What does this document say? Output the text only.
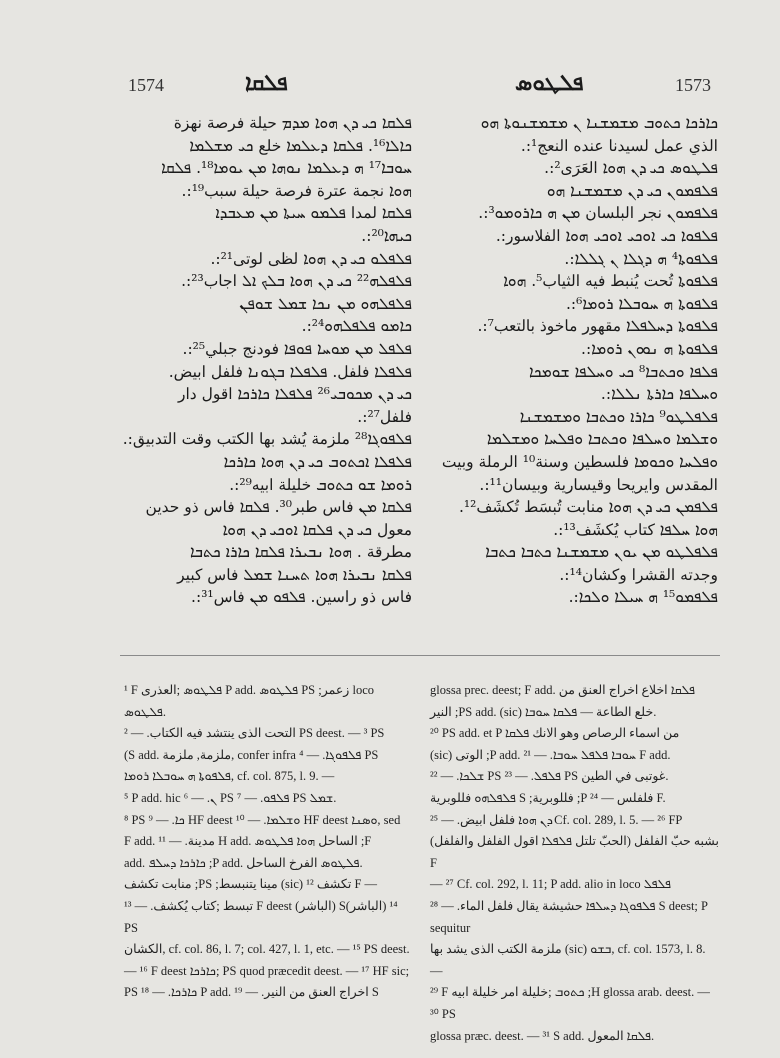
1574	ܦܠܩܐ	ܦܠܛܘܣ	1573

ܦܠܩܐ ܟܝ ܕܢ ܗܘܐ ܡܕܡ حيلة فرصة نهزة

ܟܐܠܐ¹⁶. ܦܠܩܐ ܕܥܠܡܐ خلع ܟܝ ܡܫܠܡܐ

ܚܘܒܐ¹⁷ ܗ ܕܥܠܡܐ ܢܘܗܐ ܡܢ ܝܘܡܐ¹⁸. ܦܠܩܐ

ܗܘܐ نجمة عترة فرصة حيلة سبب¹⁹:.

ܦܠܩܐ لمدا ܦܠܡܘ ܚܝܬܐ ܡܢ ܡܥܒܕܐ

ܟܝܗܐ²⁰:.

ܦܠܦܠܘ ܟܝ ܕܢ ܗܘܐ لظى لوتى²¹:.

ܦܠܦܠܗ²² ܟܝ ܕܢ ܗܘܐ ܒܠܟ ܐܠ اجاب²³:.

ܦܠܦܠܗܘ ܡܢ ܢܟܐ ܫܡܠ ܫܘܦܢ

ܟܐܡܘ ܦܠܦܠܗܘ²⁴:.

ܦܠܦܠ ܡܢ ܡܘܚܐ ܦܘܦܐ فودنج جبلي²⁵:.

ܦܠܦܠܐ فلفل. ܦܠܦܠܐ ܒܓܘܢܐ فلفل ابيض.

ܟܝ ܕܢ ܡܟܘܒܝ²⁶ ܦܠܦܠܐ ܟܐܪܟܐ اقول دار

فلفل²⁷:.

ܦܠܦܘܓܐ²⁸ ملزمة يُشد بها الكتب وقت التدبيق:.

ܦܠܦܠܐ ܐܟܬܘܒ ܟܝ ܕܢ ܗܘܐ ܟܐܪܟܐ

ܪܘܡܐ ܫܘ ܟܬܘܒ خليلة ابيه²⁹:.

ܦܠܩܐ ܡܢ فاس طبر³⁰. ܦܠܩܐ فاس ذو حدين

معول ܟܝ ܕܢ ܦܠܩܐ ܐܘܟܝ ܕܢ ܗܘܐ

مطرقة . ܗܘܐ ܢܒܝܪܐ ܦܠܩܐ ܟܐܪܐ ܟܬܒܐ

ܦܠܩܐ ܢܒܝܪܐ ܗܘܐ ܬܚܢܐ ܫܡܠ فاس كبير

فاس ذو راسين. ܦܠܦܘ ܡܢ فاس³¹:.

ܟܐܪܟܐ ܟܬܘܒ ܡܫܡܫܢܐ ܢ ܡܫܡܫܢܘܬܐ ܗܘ

الذي عمل لسيدنا عنده النعج¹:.

ܦܠܛܘܣ ܟܝ ܕܢ ܗܘܐ العَرَى²:.

ܦܠܦܡܘܢ ܟܝ ܕܢ ܡܫܡܫܢܐ ܗܘ

ܦܠܦܡܘܢ نجر البلسان ܡܢ ܗ ܟܐܪܘܡܘ³:.

ܦܠܦܘܐ ܟܝ ܐܘܟܝ ܐܘܟܝ ܗܘܐ الفلاسور:.

ܦܠܦܘܬܐ⁴ ܗ ܕܓܠܐ ܢ ܓܠܠܐ:.

ܦܠܦܘܬܐ تُحت يُنبط فيه الثياب⁵. ܗܘܐ

ܦܠܦܘܬܐ ܗ ܚܘܒܠܐ ܪܘܡܐ⁶:.

ܦܠܦܘܬܐ ܕܚܠܦܠܐ مقهور ماخوذ بالتعب⁷:.

ܦܠܦܘܬܐ ܗ ܢܘܘܢ ܪܘܡܐ:.

ܦܠܦܐ ܘܟܬܒܐ⁸ ܟܝ ܘܚܠܦܐ ܫܘܡܟܐ

ܘܚܠܦܐ ܟܐܪܬܐ ܢܠܠܐ:.

ܦܠܦܠܛܘ⁹ ܟܐܪܐ ܘܟܬܒܐ ܘܡܫܡܫܢܐ

ܘܫܠܡܐ ܘܚܠܦܐ ܘܟܬܒܐ ܘܦܠܚܐ ܘܡܫܠܡܐ

ܘܦܠܚܐ ܘܟܘܡܐ فلسطين وسنة¹⁰ الرملة وبيت

المقدس وايريحا وقيسارية وبيسان¹¹:.

ܦܠܦܡܢ ܟܝ ܕܢ ܗܘܐ منابت تُبسَط تُكشَف¹².

ܗܘܐ ܚܠܦܐ كتاب يُكشَف¹³:.

ܦܠܦܠܛܘ ܡܢ ܝܘܢ ܡܫܡܫܢܐ ܟܬܒܐ ܟܬܒܐ

وجدته القشرا وكشان¹⁴:.

ܦܠܦܡܘ¹⁵ ܗ ܚܝܠܐ ܘܠܟܐ:.

¹ F ܦܠܛܘܣ ;العذرى P add. ܦܠܛܘܣ PS ;زعمر loco ܦܠܛܘܣ.

التحت الذى ينتشد فيه الكتاب. — ² PS deest. — ³ PS

(S add. ملزمة, ملزمة, confer infra ܦܠܦܘܓܐ. — ⁴ PS

ܦܠܦܘܬܐ ܗ ܚܘܒܠܐ ܪܘܡܐ, cf. col. 875, l. 9. —

⁵ P add. hic ܢ. — ⁶ PS ܦܠܦܘ. — ⁷ PS ܫܡܠ.

⁸ PS ܟܐ. — ⁹ HF deest ܘܫܠܡܐ. — ¹⁰ HF deest ܘܣܢܐ, sed

F add. مدينة. — ¹¹ H add. الساحل ܗܘܐ ܦܠܛܘܣ ;F

add. ܟܐܪܟܐ ܕܚܠܦ ;P add. ܦܠܛܘܣ الفرخ الساحل.

منابت تكشف ;PS ;مينا يتنبسط (sic) تكشف ¹² F —

تبسط ;كتاب يُكشف. — ¹³ F deest (الباشر) S(الباشر) ¹⁴ PS

الكشان, cf. col. 86, l. 7; col. 427, l. 1, etc. — ¹⁵ PS deest.

— ¹⁶ F deest ܟܐܪܟܐ; PS quod præcedit deest. — ¹⁷ HF sic;

PS ܟܐܪܟܐ. — ¹⁸ P add. اخراج العنق من النير. — ¹⁹ S

glossa prec. deest; F add. ܦܠܩܐ اخلاع اخراج العنق من

النير ;PS add. (sic) خلع الطاعة — ܦܠܩܐ ܚܘܒܐ.

²⁰ PS add. et P من اسماء الرصاص وهو الانك ܦܠܩܐ

(sic) الوتى ;P add. ܚܘܒܐ ܦܠܦܠ ܚܘܒܐ. — ²¹ F add.

ܫܠܟܐ. — ²² PS ܦܠܦܠ. — ²³ PS غوتبى في الطين.

ܦܠܦܠܗܘ فللوبرية S ;فللوبرية ;P فلفلس — ²⁴ F.

ܕܢ ܗܘܐ فلفل ابيض. — ²⁵ Cf. col. 289, l. 5. — ²⁶ FP

بشبه حبّ الفلفل (الحبّ تلتل ܦܠܦܠܐ اقول الفلفل والفلفل) F

— ²⁷ Cf. col. 292, l. 11; P add. alio in loco ܦܠܦܠ

ܦܠܦܘܓܐ ܕܚܠܦܐ حشيشة يقال فلفل الماء. — ²⁸ S deest; P sequitur

ملزمة الكتب الذى يشد بها (sic) ܒܫܘ, cf. col. 1573, l. 8. —

²⁹ F ܟܬܘܒ ;خليلة امر خليلة ابيه ;H glossa arab. deest. — ³⁰ PS

glossa præc. deest. — ³¹ S add. ܦܠܩܐ المعول.
